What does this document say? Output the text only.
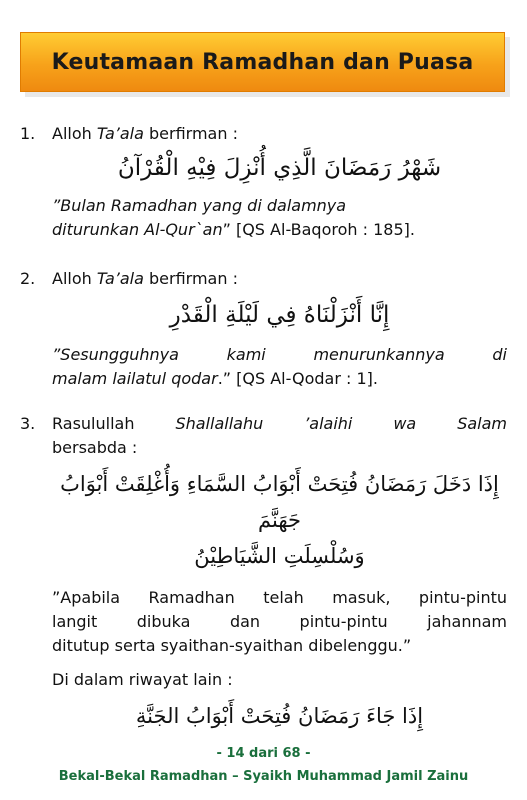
Keutamaan Ramadhan dan Puasa
1. Alloh Ta’ala berfirman :
شَهْرُ رَمَضَانَ الَّذِي أُنْزِلَ فِيْهِ الْقُرْآنُ
”Bulan Ramadhan yang di dalamnya
diturunkan Al-Qur`an” [QS Al-Baqoroh : 185].
2. Alloh Ta’ala berfirman :
إِنَّا أَنْزَلْنَاهُ فِي لَيْلَةِ الْقَدْرِ
”Sesungguhnya kami menurunkannya di
malam lailatul qodar.” [QS Al-Qodar : 1].
3. Rasulullah Shallallahu ’alaihi wa Salam
bersabda :
إِذَا دَخَلَ رَمَضَانُ فُتِحَتْ أَبْوَابُ السَّمَاءِ وَأُغْلِقَتْ أَبْوَابُ جَهَنَّمَ
وَسُلْسِلَتِ الشَّيَاطِيْنُ
”Apabila Ramadhan telah masuk, pintu-pintu
langit dibuka dan pintu-pintu jahannam
ditutup serta syaithan-syaithan dibelenggu.”
Di dalam riwayat lain :
إِذَا جَاءَ رَمَضَانُ فُتِحَتْ أَبْوَابُ الجَنَّةِ
- 14 dari 68 -
Bekal-Bekal Ramadhan – Syaikh Muhammad Jamil Zainu
